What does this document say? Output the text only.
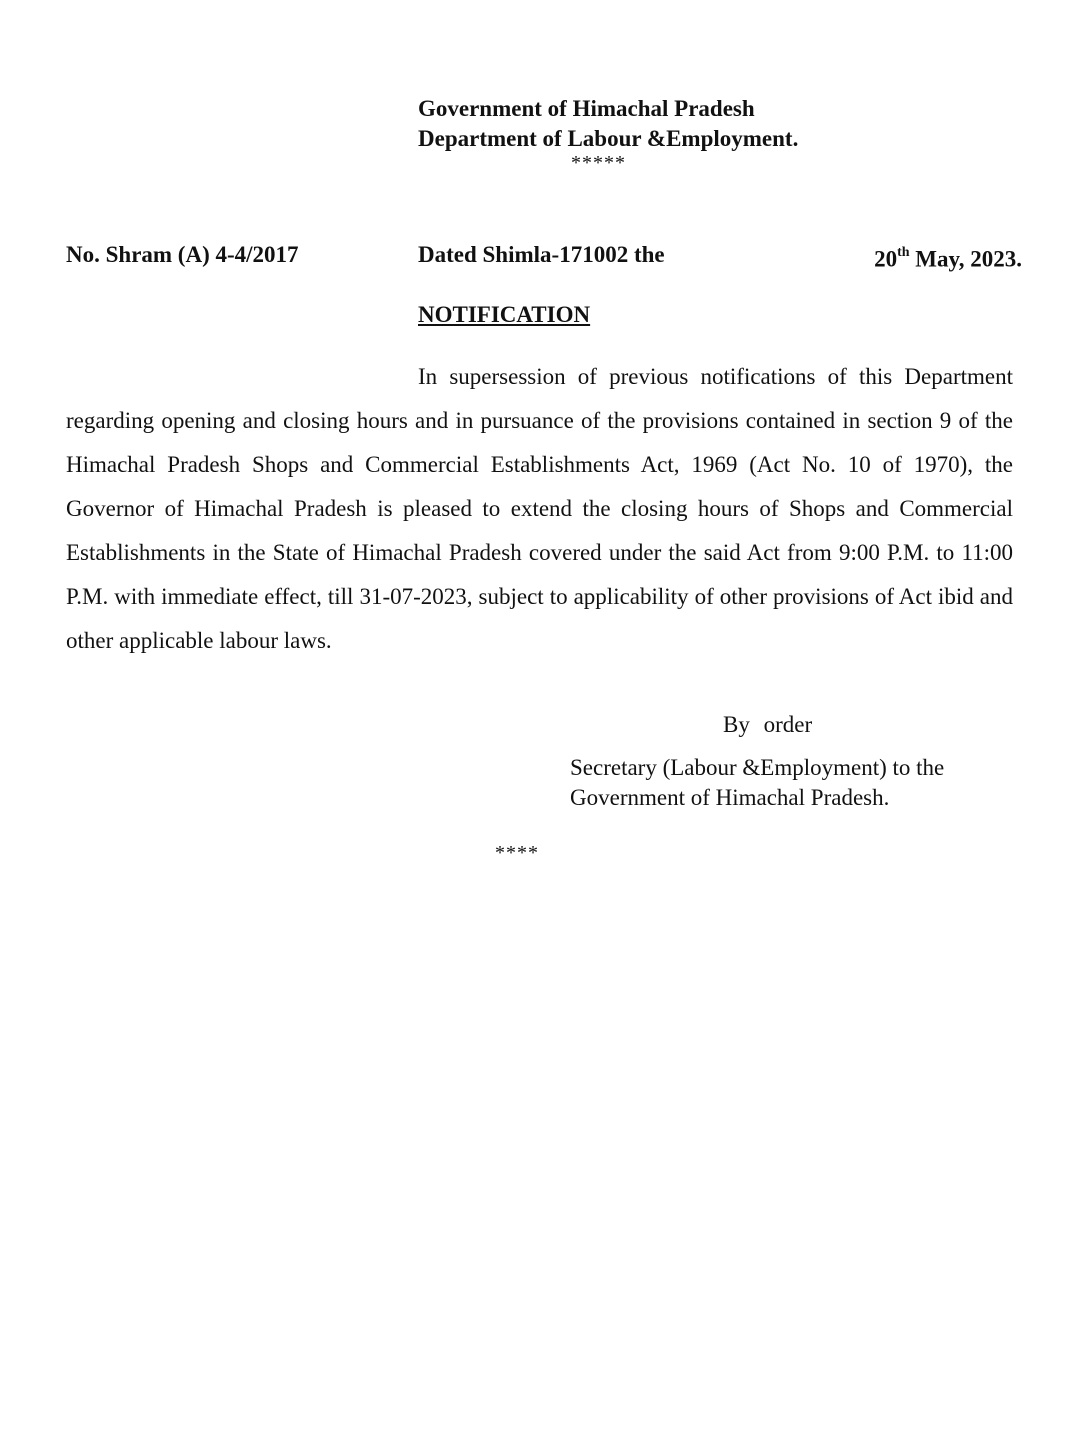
Government of Himachal Pradesh
Department of Labour &Employment.
*****
No. Shram (A) 4-4/2017	Dated Shimla-171002 the	20th May, 2023.
NOTIFICATION

In supersession of previous notifications of this Department regarding opening and closing hours and in pursuance of the provisions contained in section 9 of the Himachal Pradesh Shops and Commercial Establishments Act, 1969 (Act No. 10 of 1970), the Governor of Himachal Pradesh is pleased to extend the closing hours of Shops and Commercial Establishments in the State of Himachal Pradesh covered under the said Act from 9:00 P.M. to 11:00 P.M. with immediate effect, till 31-07-2023, subject to applicability of other provisions of Act ibid and other applicable labour laws.

By order
Secretary (Labour &Employment) to the
Government of Himachal Pradesh.
****
